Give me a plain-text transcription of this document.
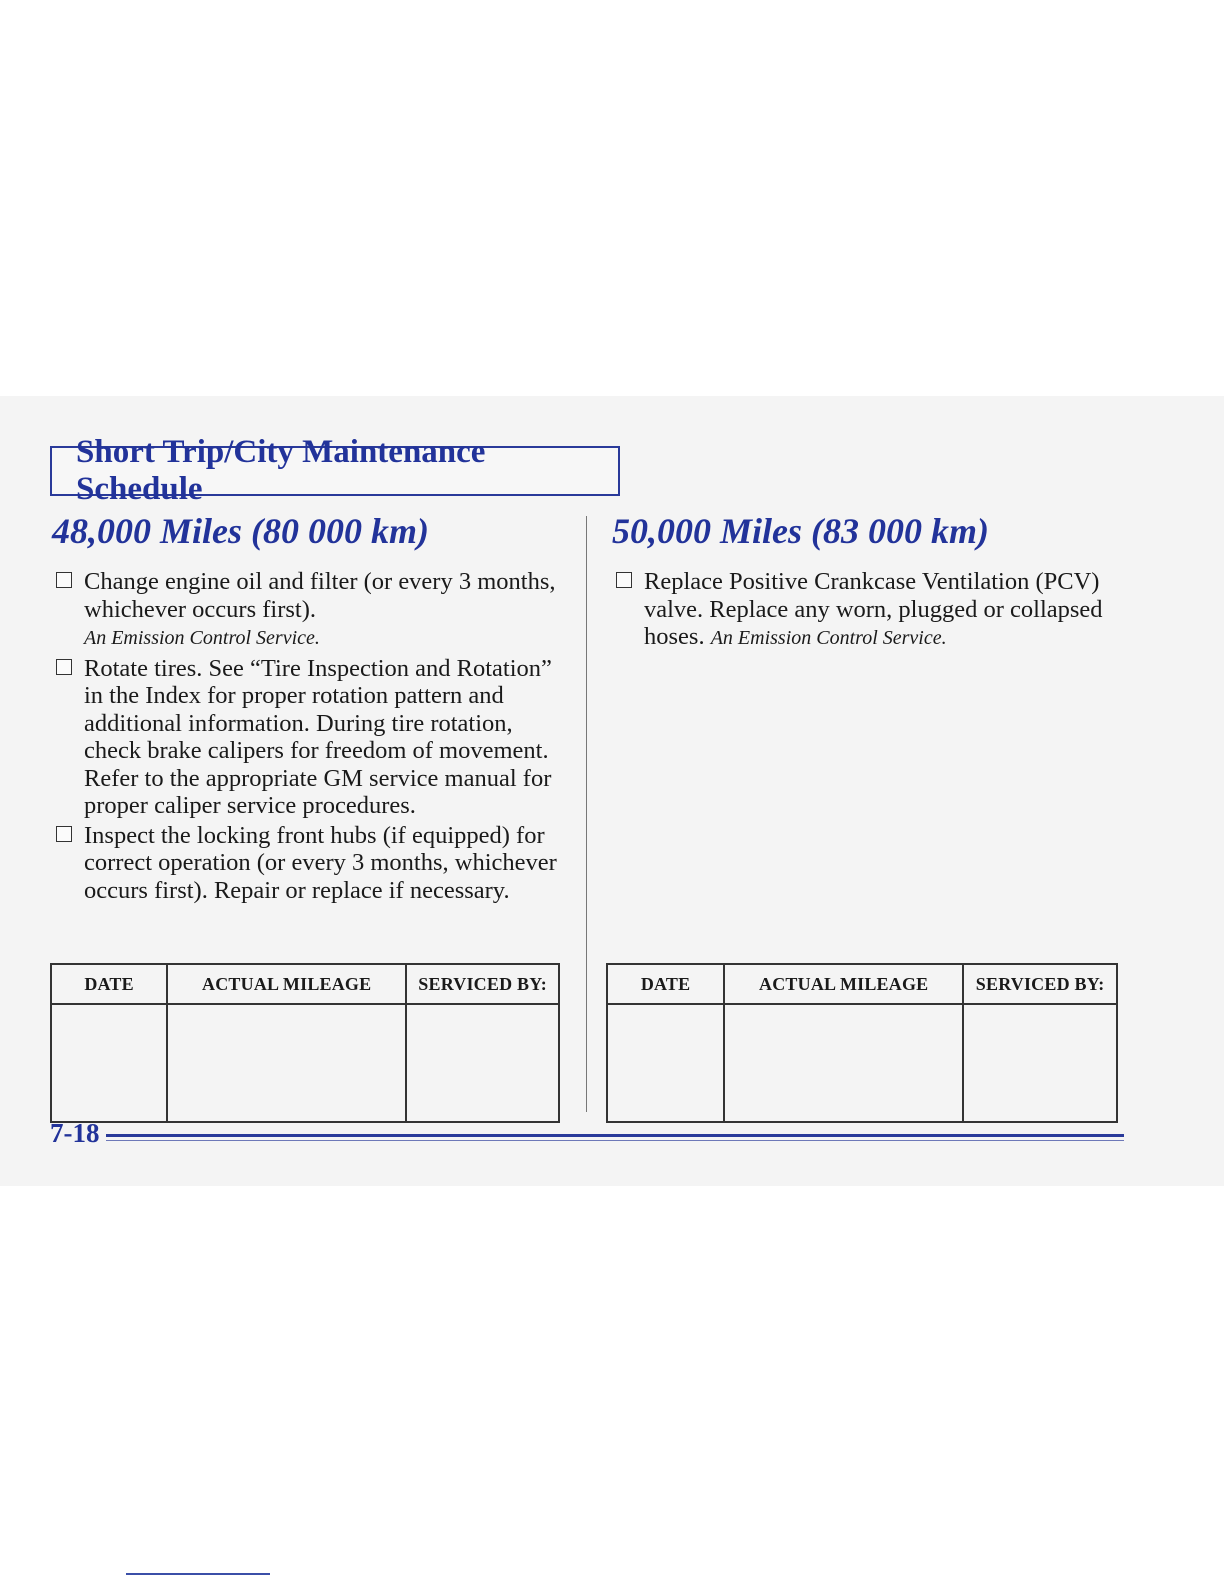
Short Trip/City Maintenance Schedule
48,000 Miles (80 000 km)	50,000 Miles (83 000 km)
Change engine oil and filter (or every 3 months, whichever occurs first).
An Emission Control Service.
Rotate tires. See “Tire Inspection and Rotation” in the Index for proper rotation pattern and additional information. During tire rotation, check brake calipers for freedom of movement. Refer to the appropriate GM service manual for proper caliper service procedures.
Inspect the locking front hubs (if equipped) for correct operation (or every 3 months, whichever occurs first). Repair or replace if necessary.
Replace Positive Crankcase Ventilation (PCV) valve. Replace any worn, plugged or collapsed hoses. An Emission Control Service.
DATE	ACTUAL MILEAGE	SERVICED BY:
			DATE	ACTUAL MILEAGE	SERVICED BY:

7-18
